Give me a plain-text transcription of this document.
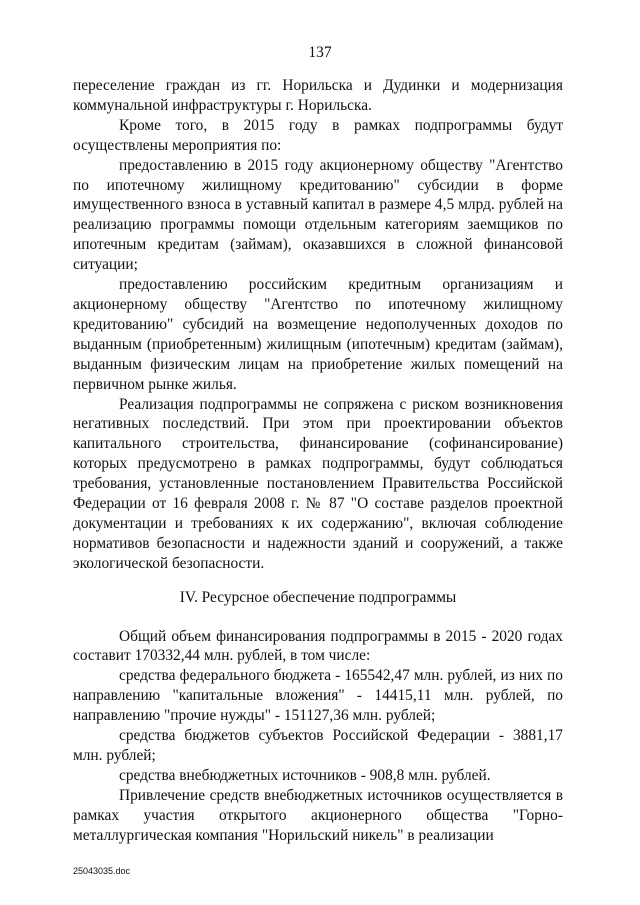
137

переселение граждан из гг. Норильска и Дудинки и модернизация коммунальной инфраструктуры г. Норильска.

Кроме того, в 2015 году в рамках подпрограммы будут осуществлены мероприятия по:

предоставлению в 2015 году акционерному обществу "Агентство по ипотечному жилищному кредитованию" субсидии в форме имущественного взноса в уставный капитал в размере 4,5 млрд. рублей на реализацию программы помощи отдельным категориям заемщиков по ипотечным кредитам (займам), оказавшихся в сложной финансовой ситуации;

предоставлению российским кредитным организациям и акционерному обществу "Агентство по ипотечному жилищному кредитованию" субсидий на возмещение недополученных доходов по выданным (приобретенным) жилищным (ипотечным) кредитам (займам), выданным физическим лицам на приобретение жилых помещений на первичном рынке жилья.

Реализация подпрограммы не сопряжена с риском возникновения негативных последствий. При этом при проектировании объектов капитального строительства, финансирование (софинансирование) которых предусмотрено в рамках подпрограммы, будут соблюдаться требования, установленные постановлением Правительства Российской Федерации от 16 февраля 2008 г. № 87 "О составе разделов проектной документации и требованиях к их содержанию", включая соблюдение нормативов безопасности и надежности зданий и сооружений, а также экологической безопасности.

IV. Ресурсное обеспечение подпрограммы

Общий объем финансирования подпрограммы в 2015 - 2020 годах составит 170332,44 млн. рублей, в том числе:

средства федерального бюджета - 165542,47 млн. рублей, из них по направлению "капитальные вложения" - 14415,11 млн. рублей, по направлению "прочие нужды" - 151127,36 млн. рублей;

средства бюджетов субъектов Российской Федерации - 3881,17 млн. рублей;

средства внебюджетных источников - 908,8 млн. рублей.

Привлечение средств внебюджетных источников осуществляется в рамках участия открытого акционерного общества "Горно-металлургическая компания "Норильский никель" в реализации

25043035.doc
